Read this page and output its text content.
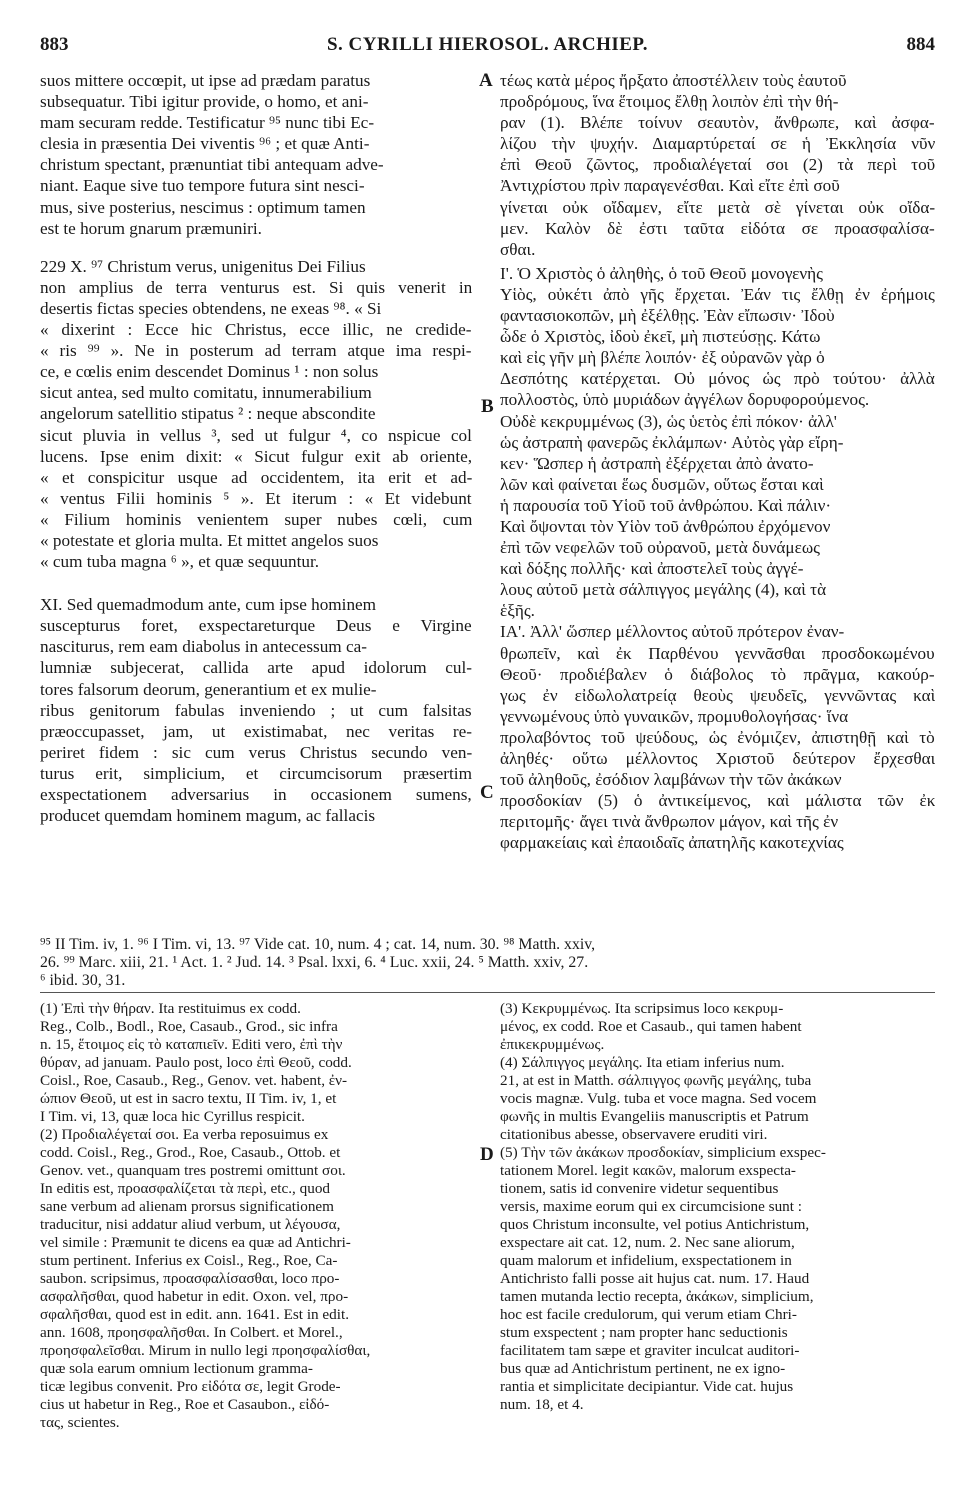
883	S. CYRILLI HIEROSOL. ARCHIEP.	884
suos mittere occœpit, ut ipse ad prædam paratus
subsequatur. Tibi igitur provide, o homo, et ani-
mam securam redde. Testificatur ⁹⁵ nunc tibi Ec-
clesia in præsentia Dei viventis ⁹⁶ ; et quæ Anti-
christum spectant, prænuntiat tibi antequam adve-
niant. Eaque sive tuo tempore futura sint nesci-
mus, sive posterius, nescimus : optimum tamen
est te horum gnarum præmuniri.
229 X. ⁹⁷ Christum verus, unigenitus Dei Filius
non amplius de terra venturus est. Si quis venerit in
desertis fictas species obtendens, ne exeas ⁹⁸. « Si
« dixerint : Ecce hic Christus, ecce illic, ne credide-
« ris ⁹⁹ ». Ne in posterum ad terram atque ima respi-
ce, e cœlis enim descendet Dominus ¹ : non solus
sicut antea, sed multo comitatu, innumerabilium
angelorum satellitio stipatus ² : neque abscondite
sicut pluvia in vellus ³, sed ut fulgur ⁴, co nspicue col
lucens. Ipse enim dixit: « Sicut fulgur exit ab oriente,
« et conspicitur usque ad occidentem, ita erit et ad-
« ventus Filii hominis ⁵ ». Et iterum : « Et videbunt
« Filium hominis venientem super nubes cœli, cum
« potestate et gloria multa. Et mittet angelos suos
« cum tuba magna ⁶ », et quæ sequuntur.
XI. Sed quemadmodum ante, cum ipse hominem
suscepturus foret, exspectareturque Deus e Virgine
nasciturus, rem eam diabolus in antecessum ca-
lumniæ subjecerat, callida arte apud idolorum cul-
tores falsorum deorum, generantium et ex mulie-
ribus genitorum fabulas inveniendo ; ut cum falsitas
præoccupasset, jam, ut existimabat, nec veritas re-
periret fidem : sic cum verus Christus secundo ven-
turus erit, simplicium, et circumcisorum præsertim
exspectationem adversarius in occasionem sumens,
producet quemdam hominem magum, ac fallacis
τέως κατὰ μέρος ἤρξατο ἀποστέλλειν τοὺς ἑαυτοῦ
προδρόμους, ἵνα ἕτοιμος ἔλθῃ λοιπὸν ἐπὶ τὴν θή-
ραν (1). Βλέπε τοίνυν σεαυτὸν, ἄνθρωπε, καὶ ἀσφα-
λίζου τὴν ψυχήν. Διαμαρτύρεταί σε ἡ Ἐκκλησία νῦν
ἐπὶ Θεοῦ ζῶντος, προδιαλέγεταί σοι (2) τὰ περὶ τοῦ
Ἀντιχρίστου πρὶν παραγενέσθαι. Καὶ εἴτε ἐπὶ σοῦ
γίνεται οὐκ οἴδαμεν, εἴτε μετὰ σὲ γίνεται οὐκ οἴδα-
μεν. Καλὸν δὲ ἐστι ταῦτα εἰδότα σε προασφαλίσα-
σθαι.
Ι'. Ὁ Χριστὸς ὁ ἀληθὴς, ὁ τοῦ Θεοῦ μονογενὴς
Υἱὸς, οὐκέτι ἀπὸ γῆς ἔρχεται. Ἐάν τις ἔλθῃ ἐν ἐρήμοις
φαντασιοκοπῶν, μὴ ἐξέλθῃς. Ἐὰν εἴπωσιν· Ἰδοὺ
ὧδε ὁ Χριστὸς, ἰδοὺ ἐκεῖ, μὴ πιστεύσῃς. Κάτω
καὶ εἰς γῆν μὴ βλέπε λοιπόν· ἐξ οὐρανῶν γὰρ ὁ
Δεσπότης κατέρχεται. Οὐ μόνος ὡς πρὸ τούτου· ἀλλὰ
πολλοστὸς, ὑπὸ μυριάδων ἀγγέλων δορυφορούμενος.
Οὐδὲ κεκρυμμένως (3), ὡς ὑετὸς ἐπὶ πόκον· ἀλλ'
ὡς ἀστραπὴ φανερῶς ἐκλάμπων· Αὐτὸς γὰρ εἴρη-
κεν· Ὥσπερ ἡ ἀστραπὴ ἐξέρχεται ἀπὸ ἀνατο-
λῶν καὶ φαίνεται ἕως δυσμῶν, οὕτως ἔσται καὶ
ἡ παρουσία τοῦ Υἱοῦ τοῦ ἀνθρώπου. Καὶ πάλιν·
Καὶ ὄψονται τὸν Υἱὸν τοῦ ἀνθρώπου ἐρχόμενον
ἐπὶ τῶν νεφελῶν τοῦ οὐρανοῦ, μετὰ δυνάμεως
καὶ δόξης πολλῆς· καὶ ἀποστελεῖ τοὺς ἀγγέ-
λους αὐτοῦ μετὰ σάλπιγγος μεγάλης (4), καὶ τὰ
ἑξῆς.
ΙΑ'. Ἀλλ' ὥσπερ μέλλοντος αὐτοῦ πρότερον ἐναν-
θρωπεῖν, καὶ ἐκ Παρθένου γεννᾶσθαι προσδοκωμένου
Θεοῦ· προδιέβαλεν ὁ διάβολος τὸ πρᾶγμα, κακούρ-
γως ἐν εἰδωλολατρείᾳ θεοὺς ψευδεῖς, γεννῶντας καὶ
γεννωμένους ὑπὸ γυναικῶν, προμυθολογήσας· ἵνα
προλαβόντος τοῦ ψεύδους, ὡς ἐνόμιζεν, ἀπιστηθῇ καὶ τὸ
ἀληθές· οὕτω μέλλοντος Χριστοῦ δεύτερον ἔρχεσθαι
τοῦ ἀληθοῦς, ἐσόδιον λαμβάνων τὴν τῶν ἀκάκων
προσδοκίαν (5) ὁ ἀντικείμενος, καὶ μάλιστα τῶν ἐκ
περιτομῆς· ἄγει τινὰ ἄνθρωπον μάγον, καὶ τῆς ἐν
φαρμακείαις καὶ ἐπαοιδαῖς ἀπατηλῆς κακοτεχνίας
A
B
C
D
⁹⁵ II Tim. iv, 1. ⁹⁶ I Tim. vi, 13. ⁹⁷ Vide cat. 10, num. 4 ; cat. 14, num. 30. ⁹⁸ Matth. xxiv,
26. ⁹⁹ Marc. xiii, 21. ¹ Act. 1. ² Jud. 14. ³ Psal. lxxi, 6. ⁴ Luc. xxii, 24. ⁵ Matth. xxiv, 27.
⁶ ibid. 30, 31.
(1) Ἐπὶ τὴν θήραν. Ita restituimus ex codd.
Reg., Colb., Bodl., Roe, Casaub., Grod., sic infra
n. 15, ἕτοιμος εἰς τὸ καταπιεῖν. Editi vero, ἐπὶ τὴν
θύραν, ad januam. Paulo post, loco ἐπὶ Θεοῦ, codd.
Coisl., Roe, Casaub., Reg., Genov. vet. habent, ἐν-
ώπιον Θεοῦ, ut est in sacro textu, II Tim. iv, 1, et
I Tim. vi, 13, quæ loca hic Cyrillus respicit.
(2) Προδιαλέγεταί σοι. Ea verba reposuimus ex
codd. Coisl., Reg., Grod., Roe, Casaub., Ottob. et
Genov. vet., quanquam tres postremi omittunt σοι.
In editis est, προασφαλίζεται τὰ περὶ, etc., quod
sane verbum ad alienam prorsus significationem
traducitur, nisi addatur aliud verbum, ut λέγουσα,
vel simile : Præmunit te dicens ea quæ ad Antichri-
stum pertinent. Inferius ex Coisl., Reg., Roe, Ca-
saubon. scripsimus, προασφαλίσασθαι, loco προ-
ασφαλῆσθαι, quod habetur in edit. Oxon. vel, προ-
σφαλῆσθαι, quod est in edit. ann. 1641. Est in edit.
ann. 1608, προησφαλῆσθαι. In Colbert. et Morel.,
προησφαλεῖσθαι. Mirum in nullo legi προησφαλίσθαι,
quæ sola earum omnium lectionum gramma-
ticæ legibus convenit. Pro εἰδότα σε, legit Grode-
cius ut habetur in Reg., Roe et Casaubon., εἰδό-
τας, scientes.
(3) Κεκρυμμένως. Ita scripsimus loco κεκρυμ-
μένος, ex codd. Roe et Casaub., qui tamen habent
ἐπικεκρυμμένως.
(4) Σάλπιγγος μεγάλης. Ita etiam inferius num.
21, at est in Matth. σάλπιγγος φωνῆς μεγάλης, tuba
vocis magnæ. Vulg. tuba et voce magna. Sed vocem
φωνῆς in multis Evangeliis manuscriptis et Patrum
citationibus abesse, observavere eruditi viri.
(5) Τὴν τῶν ἀκάκων προσδοκίαν, simplicium exspec-
tationem Morel. legit κακῶν, malorum exspecta-
tionem, satis id convenire videtur sequentibus
versis, maxime eorum qui ex circumcisione sunt :
quos Christum inconsulte, vel potius Antichristum,
exspectare ait cat. 12, num. 2. Nec sane aliorum,
quam malorum et infidelium, exspectationem in
Antichristo falli posse ait hujus cat. num. 17. Haud
tamen mutanda lectio recepta, ἀκάκων, simplicium,
hoc est facile credulorum, qui verum etiam Chri-
stum exspectent ; nam propter hanc seductionis
facilitatem tam sæpe et graviter inculcat auditori-
bus quæ ad Antichristum pertinent, ne ex igno-
rantia et simplicitate decipiantur. Vide cat. hujus
num. 18, et 4.
